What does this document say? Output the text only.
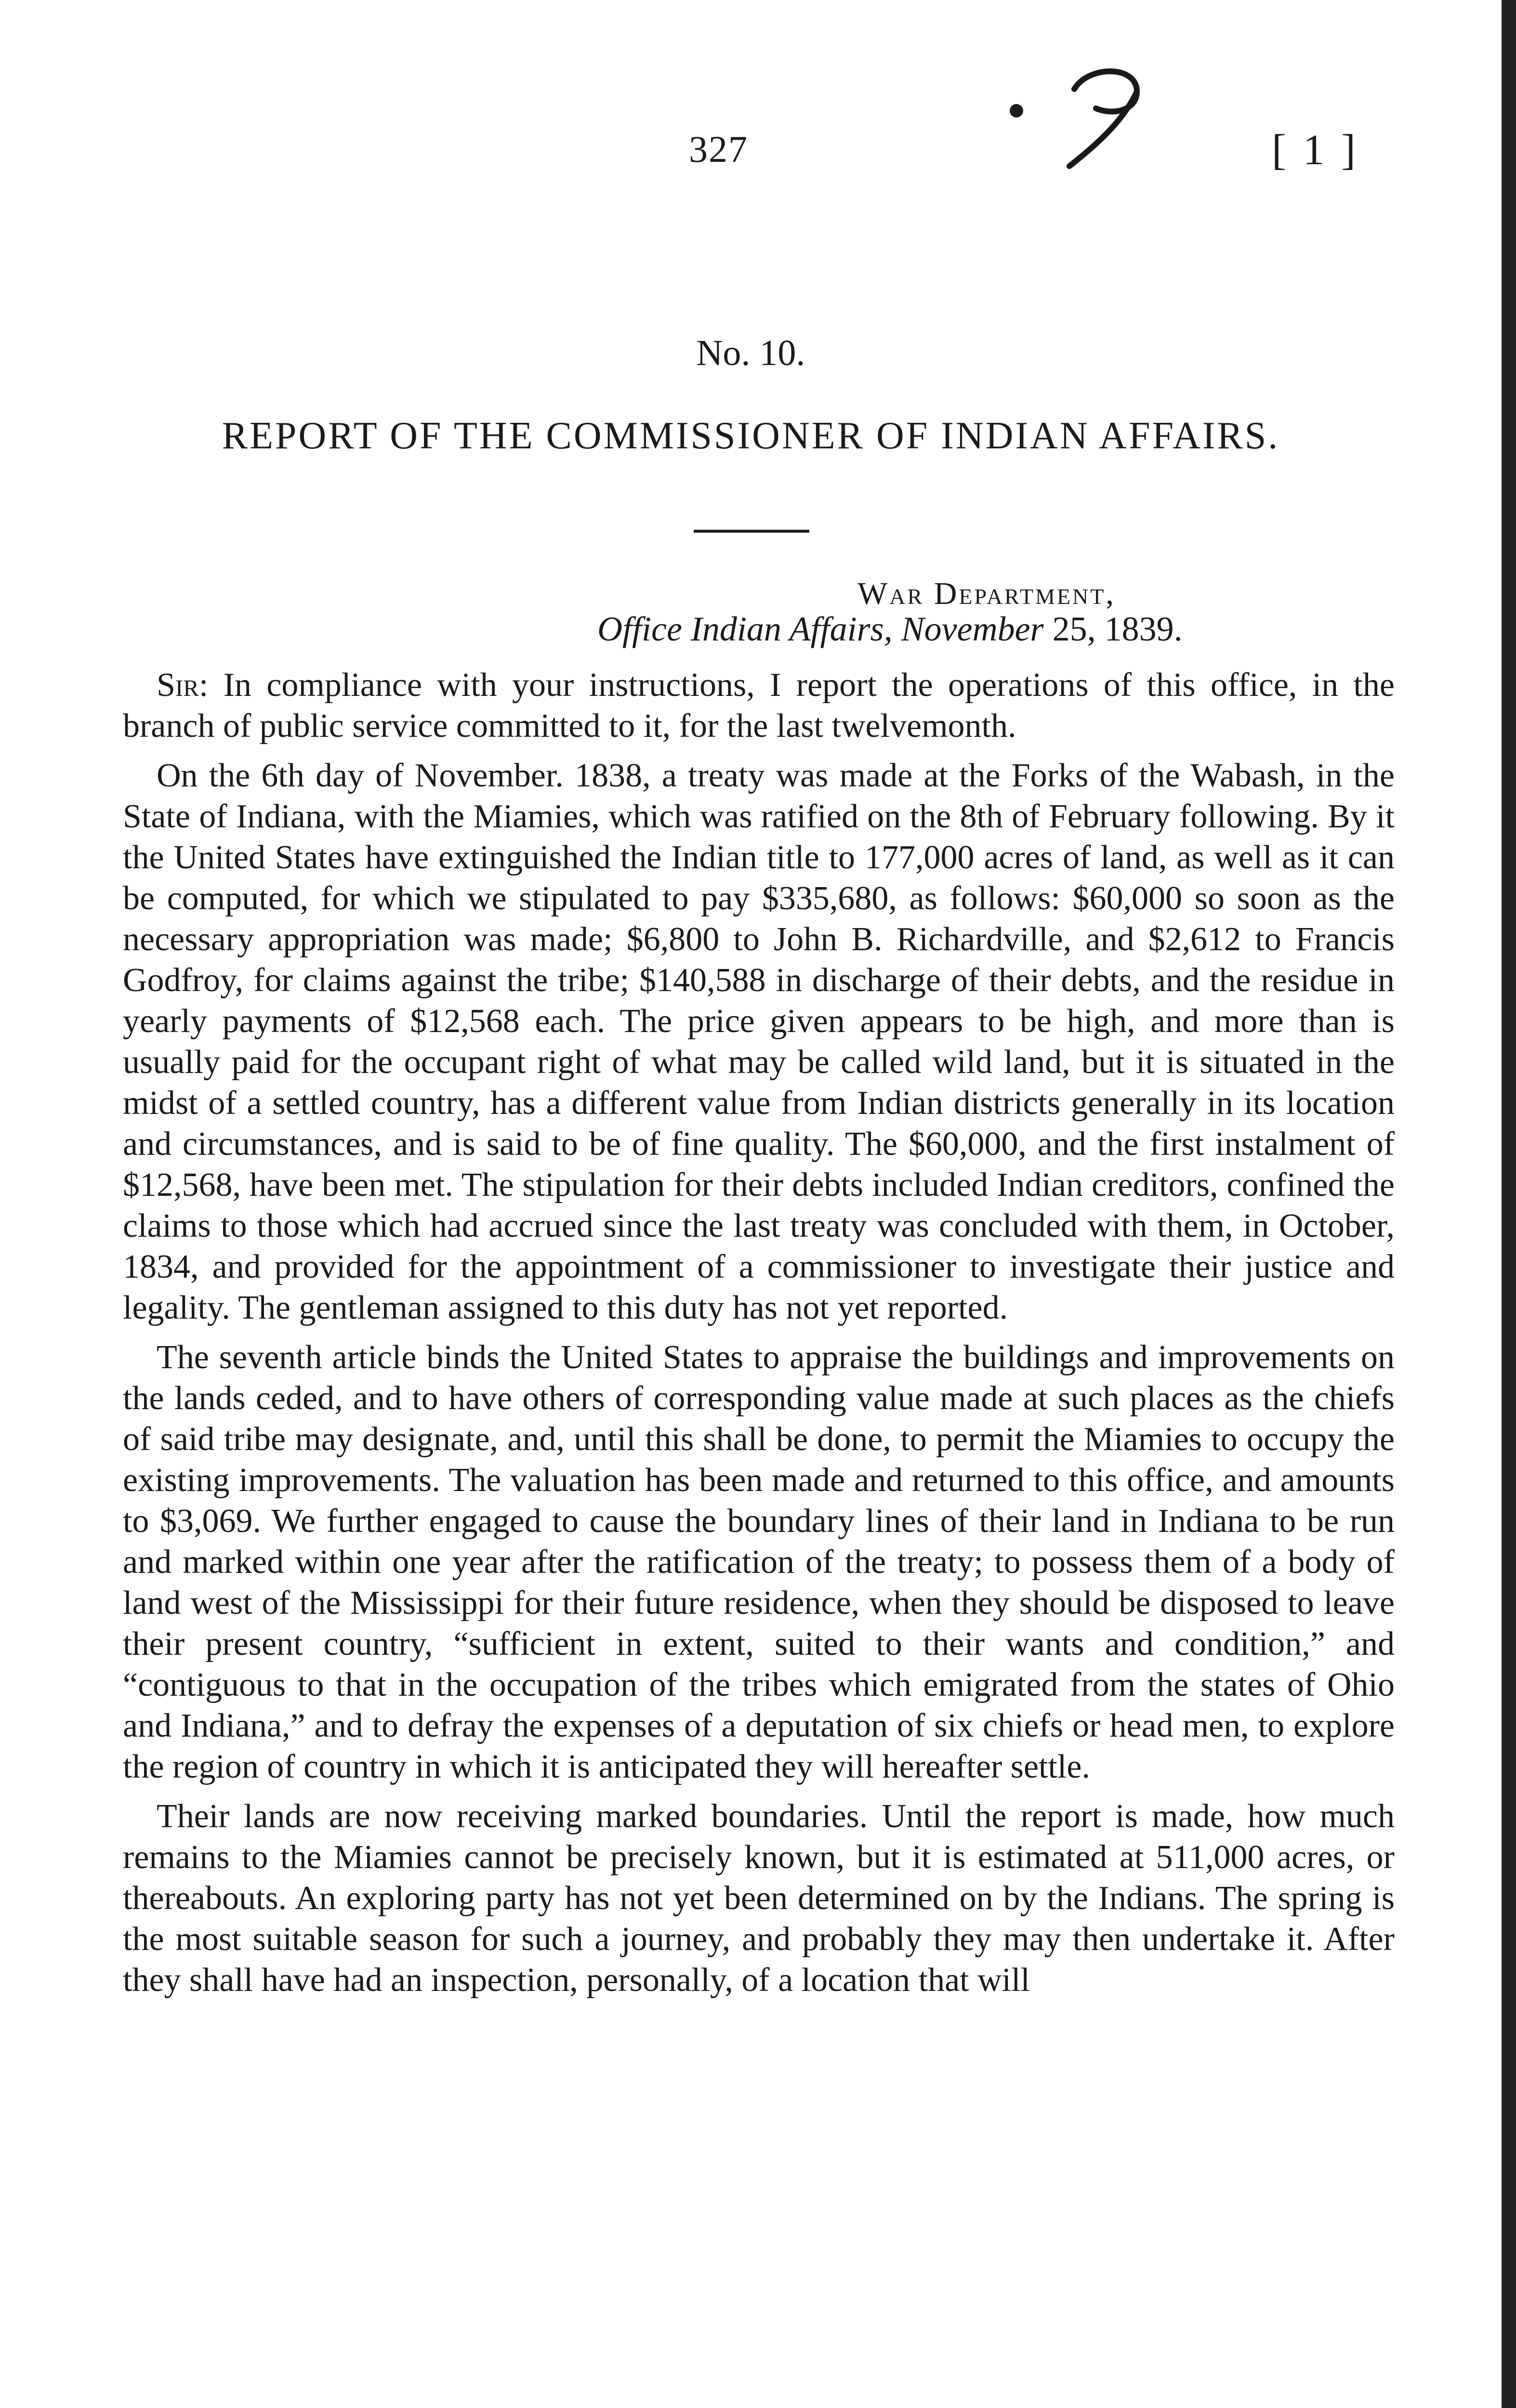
327	[ 1 ]
No. 10.
REPORT OF THE COMMISSIONER OF INDIAN AFFAIRS.
War Department,
Office Indian Affairs, November 25, 1839.

Sir: In compliance with your instructions, I report the operations of this office, in the branch of public service committed to it, for the last twelvemonth.

On the 6th day of November. 1838, a treaty was made at the Forks of the Wabash, in the State of Indiana, with the Miamies, which was ratified on the 8th of February following. By it the United States have extinguished the Indian title to 177,000 acres of land, as well as it can be computed, for which we stipulated to pay $335,680, as follows: $60,000 so soon as the necessary appropriation was made; $6,800 to John B. Richardville, and $2,612 to Francis Godfroy, for claims against the tribe; $140,588 in discharge of their debts, and the residue in yearly payments of $12,568 each. The price given appears to be high, and more than is usually paid for the occupant right of what may be called wild land, but it is situated in the midst of a settled country, has a different value from Indian districts generally in its location and circumstances, and is said to be of fine quality. The $60,000, and the first instalment of $12,568, have been met. The stipulation for their debts included Indian creditors, confined the claims to those which had accrued since the last treaty was concluded with them, in October, 1834, and provided for the appointment of a commissioner to investigate their justice and legality. The gentleman assigned to this duty has not yet reported.

The seventh article binds the United States to appraise the buildings and improvements on the lands ceded, and to have others of corresponding value made at such places as the chiefs of said tribe may designate, and, until this shall be done, to permit the Miamies to occupy the existing improvements. The valuation has been made and returned to this office, and amounts to $3,069. We further engaged to cause the boundary lines of their land in Indiana to be run and marked within one year after the ratification of the treaty; to possess them of a body of land west of the Mississippi for their future residence, when they should be disposed to leave their present country, “sufficient in extent, suited to their wants and condition,” and “contiguous to that in the occupation of the tribes which emigrated from the states of Ohio and Indiana,” and to defray the expenses of a deputation of six chiefs or head men, to explore the region of country in which it is anticipated they will hereafter settle.

Their lands are now receiving marked boundaries. Until the report is made, how much remains to the Miamies cannot be precisely known, but it is estimated at 511,000 acres, or thereabouts. An exploring party has not yet been determined on by the Indians. The spring is the most suitable season for such a journey, and probably they may then undertake it. After they shall have had an inspection, personally, of a location that will
